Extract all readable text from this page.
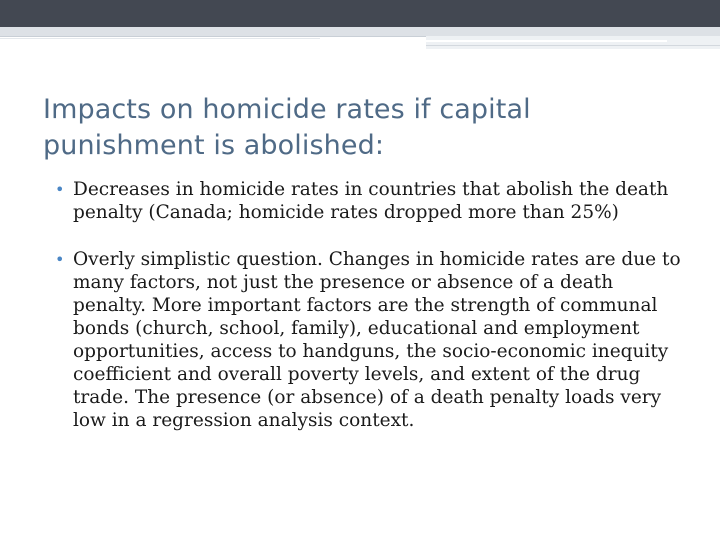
Impacts on homicide rates if capital punishment is abolished:
• Decreases in homicide rates in countries that abolish the death penalty (Canada; homicide rates dropped more than 25%)
• Overly simplistic question. Changes in homicide rates are due to many factors, not just the presence or absence of a death penalty. More important factors are the strength of communal bonds (church, school, family), educational and employment opportunities, access to handguns, the socio-economic inequity coefficient and overall poverty levels, and extent of the drug trade. The presence (or absence) of a death penalty loads very low in a regression analysis context.
